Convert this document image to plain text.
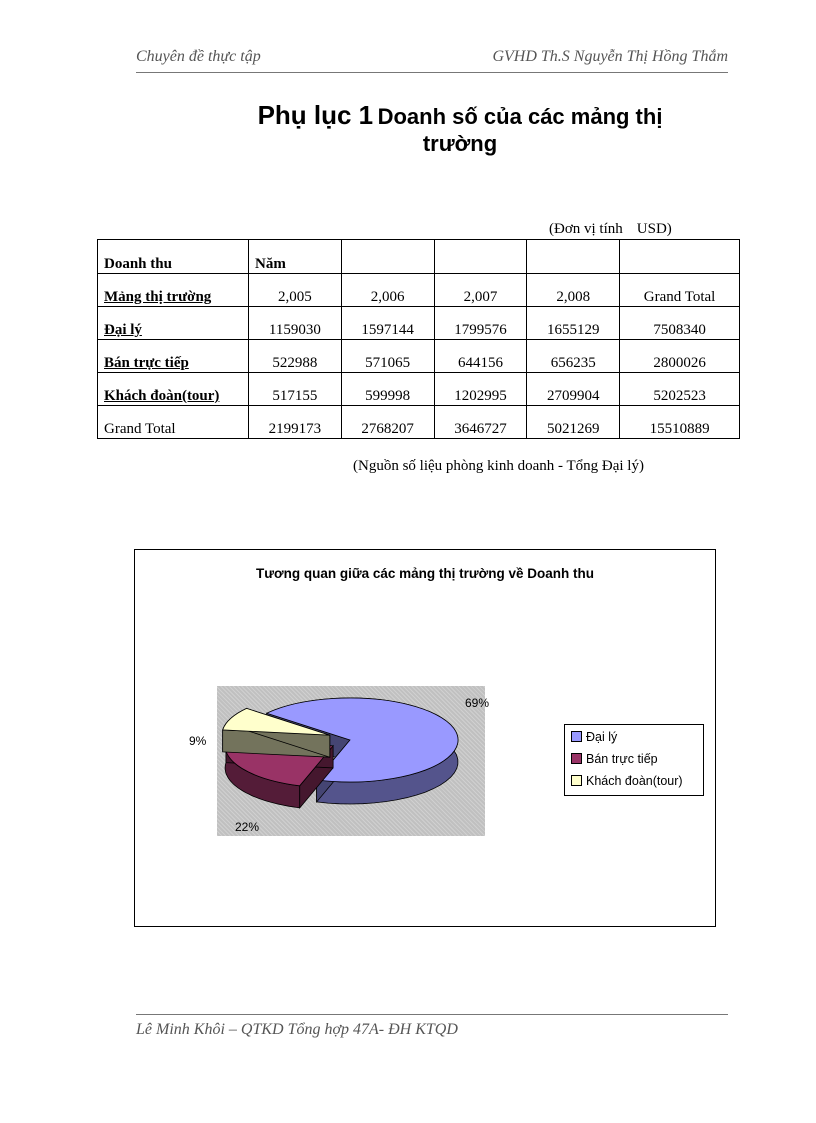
Chuyên đề thực tập	GVHD Th.S Nguyễn Thị Hồng Thắm
Phụ lục 1 Doanh số của các mảng thị
trường
(Đơn vị tính USD)
Doanh thu	Năm				
Mảng thị trường	2,005	2,006	2,007	2,008	Grand Total
Đại lý	1159030	1597144	1799576	1655129	7508340
Bán trực tiếp	522988	571065	644156	656235	2800026
Khách đoàn(tour)	517155	599998	1202995	2709904	5202523
Grand Total	2199173	2768207	3646727	5021269	15510889
(Nguồn số liệu phòng kinh doanh - Tổng Đại lý)
Tương quan giữa các mảng thị trường về Doanh thu
69%
22%
9%	Đại lý
Bán trực tiếp
Khách đoàn(tour)
Lê Minh Khôi – QTKD Tổng hợp 47A- ĐH KTQD
